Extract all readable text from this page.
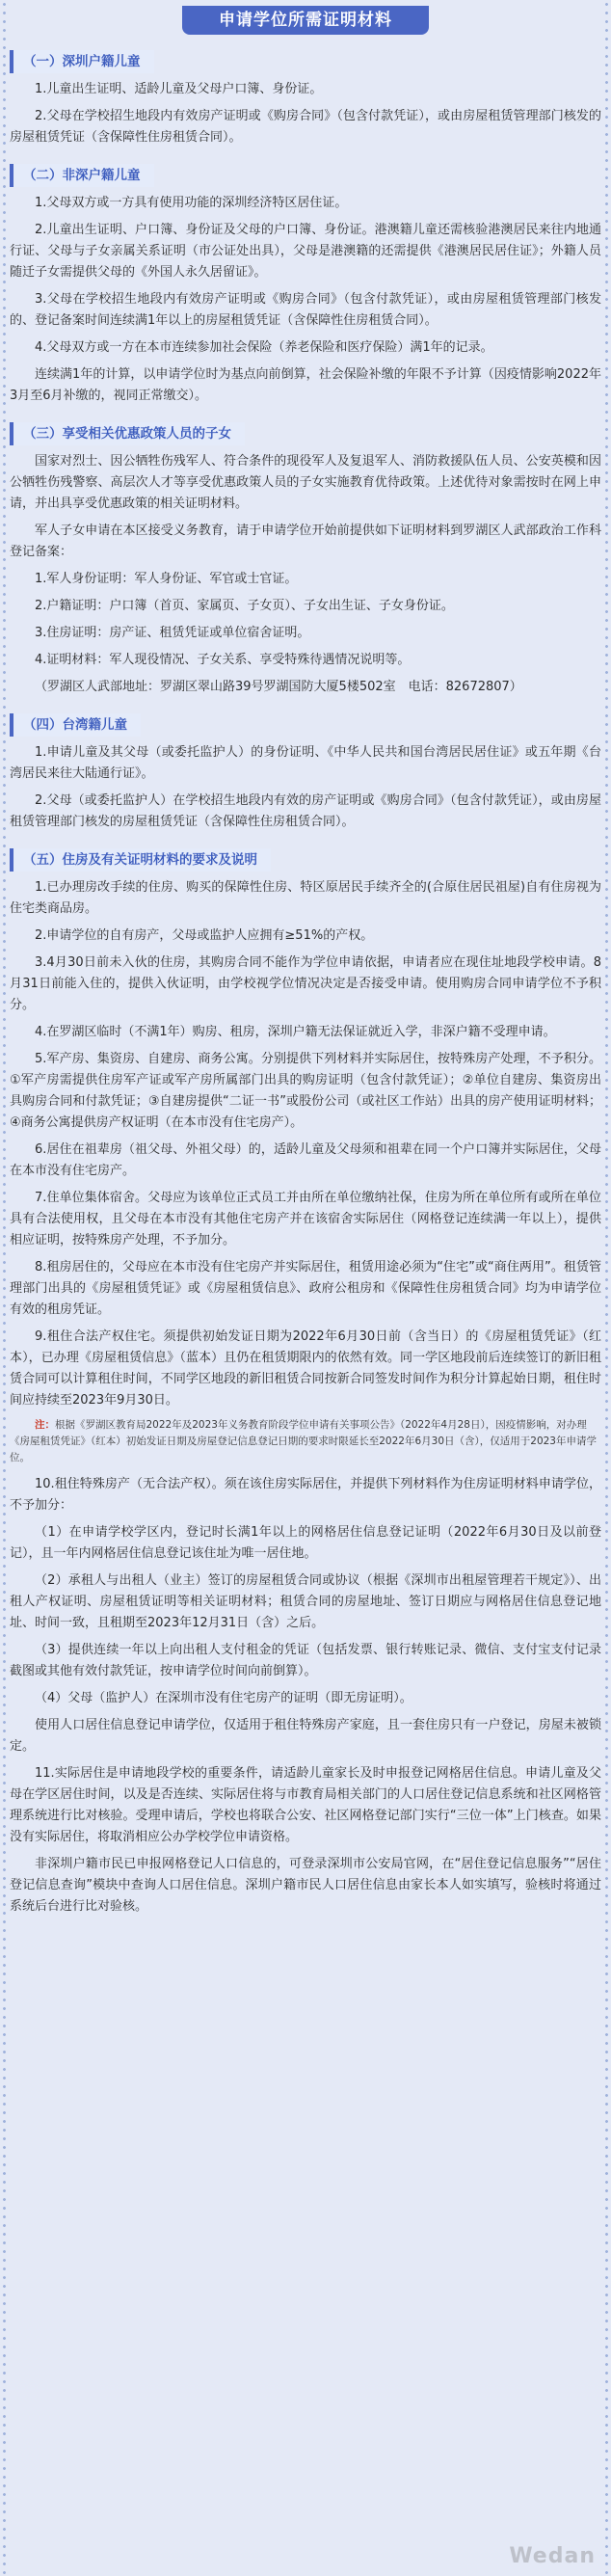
申请学位所需证明材料
（一）深圳户籍儿童

1.儿童出生证明、适龄儿童及父母户口簿、身份证。

2.父母在学校招生地段内有效房产证明或《购房合同》（包含付款凭证），或由房屋租赁管理部门核发的房屋租赁凭证（含保障性住房租赁合同）。

（二）非深户籍儿童

1.父母双方或一方具有使用功能的深圳经济特区居住证。

2.儿童出生证明、户口簿、身份证及父母的户口簿、身份证。港澳籍儿童还需核验港澳居民来往内地通行证、父母与子女亲属关系证明（市公证处出具），父母是港澳籍的还需提供《港澳居民居住证》；外籍人员随迁子女需提供父母的《外国人永久居留证》。

3.父母在学校招生地段内有效房产证明或《购房合同》（包含付款凭证），或由房屋租赁管理部门核发的、登记备案时间连续满1年以上的房屋租赁凭证（含保障性住房租赁合同）。

4.父母双方或一方在本市连续参加社会保险（养老保险和医疗保险）满1年的记录。

连续满1年的计算，以申请学位时为基点向前倒算，社会保险补缴的年限不予计算（因疫情影响2022年3月至6月补缴的，视同正常缴交）。

（三）享受相关优惠政策人员的子女

国家对烈士、因公牺牲伤残军人、符合条件的现役军人及复退军人、消防救援队伍人员、公安英模和因公牺牲伤残警察、高层次人才等享受优惠政策人员的子女实施教育优待政策。上述优待对象需按时在网上申请，并出具享受优惠政策的相关证明材料。

军人子女申请在本区接受义务教育，请于申请学位开始前提供如下证明材料到罗湖区人武部政治工作科登记备案：

1.军人身份证明：军人身份证、军官或士官证。

2.户籍证明：户口簿（首页、家属页、子女页）、子女出生证、子女身份证。

3.住房证明：房产证、租赁凭证或单位宿舍证明。

4.证明材料：军人现役情况、子女关系、享受特殊待遇情况说明等。

（罗湖区人武部地址：罗湖区翠山路39号罗湖国防大厦5楼502室　电话：82672807）

（四）台湾籍儿童

1.申请儿童及其父母（或委托监护人）的身份证明、《中华人民共和国台湾居民居住证》或五年期《台湾居民来往大陆通行证》。

2.父母（或委托监护人）在学校招生地段内有效的房产证明或《购房合同》（包含付款凭证），或由房屋租赁管理部门核发的房屋租赁凭证（含保障性住房租赁合同）。

（五）住房及有关证明材料的要求及说明

1.已办理房改手续的住房、购买的保障性住房、特区原居民手续齐全的(合原住居民祖屋)自有住房视为住宅类商品房。

2.申请学位的自有房产，父母或监护人应拥有≥51%的产权。

3.4月30日前未入伙的住房，其购房合同不能作为学位申请依据，申请者应在现住址地段学校申请。8月31日前能入住的，提供入伙证明，由学校视学位情况决定是否接受申请。使用购房合同申请学位不予积分。

4.在罗湖区临时（不满1年）购房、租房，深圳户籍无法保证就近入学，非深户籍不受理申请。

5.军产房、集资房、自建房、商务公寓。分别提供下列材料并实际居住，按特殊房产处理，不予积分。①军产房需提供住房军产证或军产房所属部门出具的购房证明（包含付款凭证）；②单位自建房、集资房出具购房合同和付款凭证；③自建房提供“二证一书”或股份公司（或社区工作站）出具的房产使用证明材料；④商务公寓提供房产权证明（在本市没有住宅房产）。

6.居住在祖辈房（祖父母、外祖父母）的，适龄儿童及父母须和祖辈在同一个户口簿并实际居住，父母在本市没有住宅房产。

7.住单位集体宿舍。父母应为该单位正式员工并由所在单位缴纳社保，住房为所在单位所有或所在单位具有合法使用权，且父母在本市没有其他住宅房产并在该宿舍实际居住（网格登记连续满一年以上），提供相应证明，按特殊房产处理，不予加分。

8.租房居住的，父母应在本市没有住宅房产并实际居住，租赁用途必须为“住宅”或“商住两用”。租赁管理部门出具的《房屋租赁凭证》或《房屋租赁信息》、政府公租房和《保障性住房租赁合同》均为申请学位有效的租房凭证。

9.租住合法产权住宅。须提供初始发证日期为2022年6月30日前（含当日）的《房屋租赁凭证》（红本），已办理《房屋租赁信息》（蓝本）且仍在租赁期限内的依然有效。同一学区地段前后连续签订的新旧租赁合同可以计算租住时间，不同学区地段的新旧租赁合同按新合同签发时间作为积分计算起始日期，租住时间应持续至2023年9月30日。

注：根据《罗湖区教育局2022年及2023年义务教育阶段学位申请有关事项公告》（2022年4月28日），因疫情影响，对办理《房屋租赁凭证》（红本）初始发证日期及房屋登记信息登记日期的要求时限延长至2022年6月30日（含），仅适用于2023年申请学位。

10.租住特殊房产（无合法产权）。须在该住房实际居住，并提供下列材料作为住房证明材料申请学位，不予加分：

（1）在申请学校学区内，登记时长满1年以上的网格居住信息登记证明（2022年6月30日及以前登记），且一年内网格居住信息登记该住址为唯一居住地。

（2）承租人与出租人（业主）签订的房屋租赁合同或协议（根据《深圳市出租屋管理若干规定》）、出租人产权证明、房屋租赁证明等相关证明材料；租赁合同的房屋地址、签订日期应与网格居住信息登记地址、时间一致，且租期至2023年12月31日（含）之后。

（3）提供连续一年以上向出租人支付租金的凭证（包括发票、银行转账记录、微信、支付宝支付记录截图或其他有效付款凭证，按申请学位时间向前倒算）。

（4）父母（监护人）在深圳市没有住宅房产的证明（即无房证明）。

使用人口居住信息登记申请学位，仅适用于租住特殊房产家庭，且一套住房只有一户登记，房屋未被锁定。

11.实际居住是申请地段学校的重要条件，请适龄儿童家长及时申报登记网格居住信息。申请儿童及父母在学区居住时间，以及是否连续、实际居住将与市教育局相关部门的人口居住登记信息系统和社区网格管理系统进行比对核验。受理申请后，学校也将联合公安、社区网格登记部门实行“三位一体”上门核查。如果没有实际居住，将取消相应公办学校学位申请资格。

非深圳户籍市民已申报网格登记人口信息的，可登录深圳市公安局官网，在“居住登记信息服务”“居住登记信息查询”模块中查询人口居住信息。深圳户籍市民人口居住信息由家长本人如实填写，验核时将通过系统后台进行比对验核。

Wedan
